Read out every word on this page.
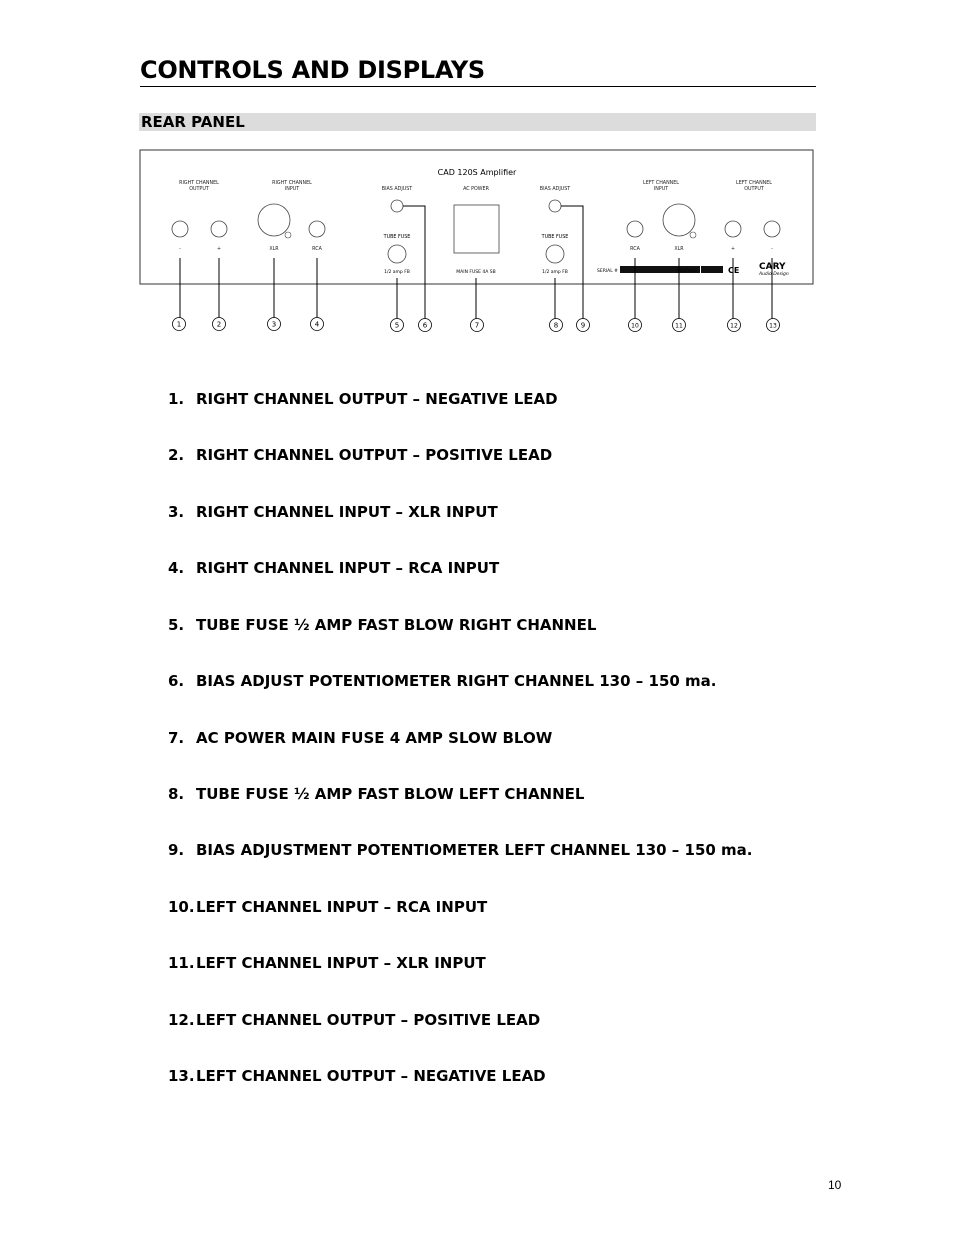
CONTROLS AND DISPLAYS
REAR PANEL
CAD 120S Amplifier
RIGHT CHANNEL
OUTPUT
RIGHT CHANNEL
INPUT	BIAS ADJUST	AC POWER	BIAS ADJUST
LEFT CHANNEL
INPUT
LEFT CHANNEL
OUTPUT
TUBE FUSE
1/2 amp FB	MAIN FUSE 4A SB
TUBE FUSE
1/2 amp FB
-	+	XLR	RCA	RCA	XLR	+	-
SERIAL #	VOLTAGE	CE CARY
Audio Design
1	2	3	4	5	6	7	8	9	10	11	12	13
1. RIGHT CHANNEL OUTPUT – NEGATIVE LEAD
2. RIGHT CHANNEL OUTPUT – POSITIVE LEAD
3. RIGHT CHANNEL INPUT – XLR INPUT
4. RIGHT CHANNEL INPUT – RCA INPUT
5. TUBE FUSE ½ AMP FAST BLOW RIGHT CHANNEL
6. BIAS ADJUST POTENTIOMETER RIGHT CHANNEL 130 – 150 ma.
7. AC POWER MAIN FUSE 4 AMP SLOW BLOW
8. TUBE FUSE ½ AMP FAST BLOW LEFT CHANNEL
9. BIAS ADJUSTMENT POTENTIOMETER LEFT CHANNEL 130 – 150 ma.
10.LEFT CHANNEL INPUT – RCA INPUT
11.LEFT CHANNEL INPUT – XLR INPUT
12.LEFT CHANNEL OUTPUT – POSITIVE LEAD
13.LEFT CHANNEL OUTPUT – NEGATIVE LEAD
10
